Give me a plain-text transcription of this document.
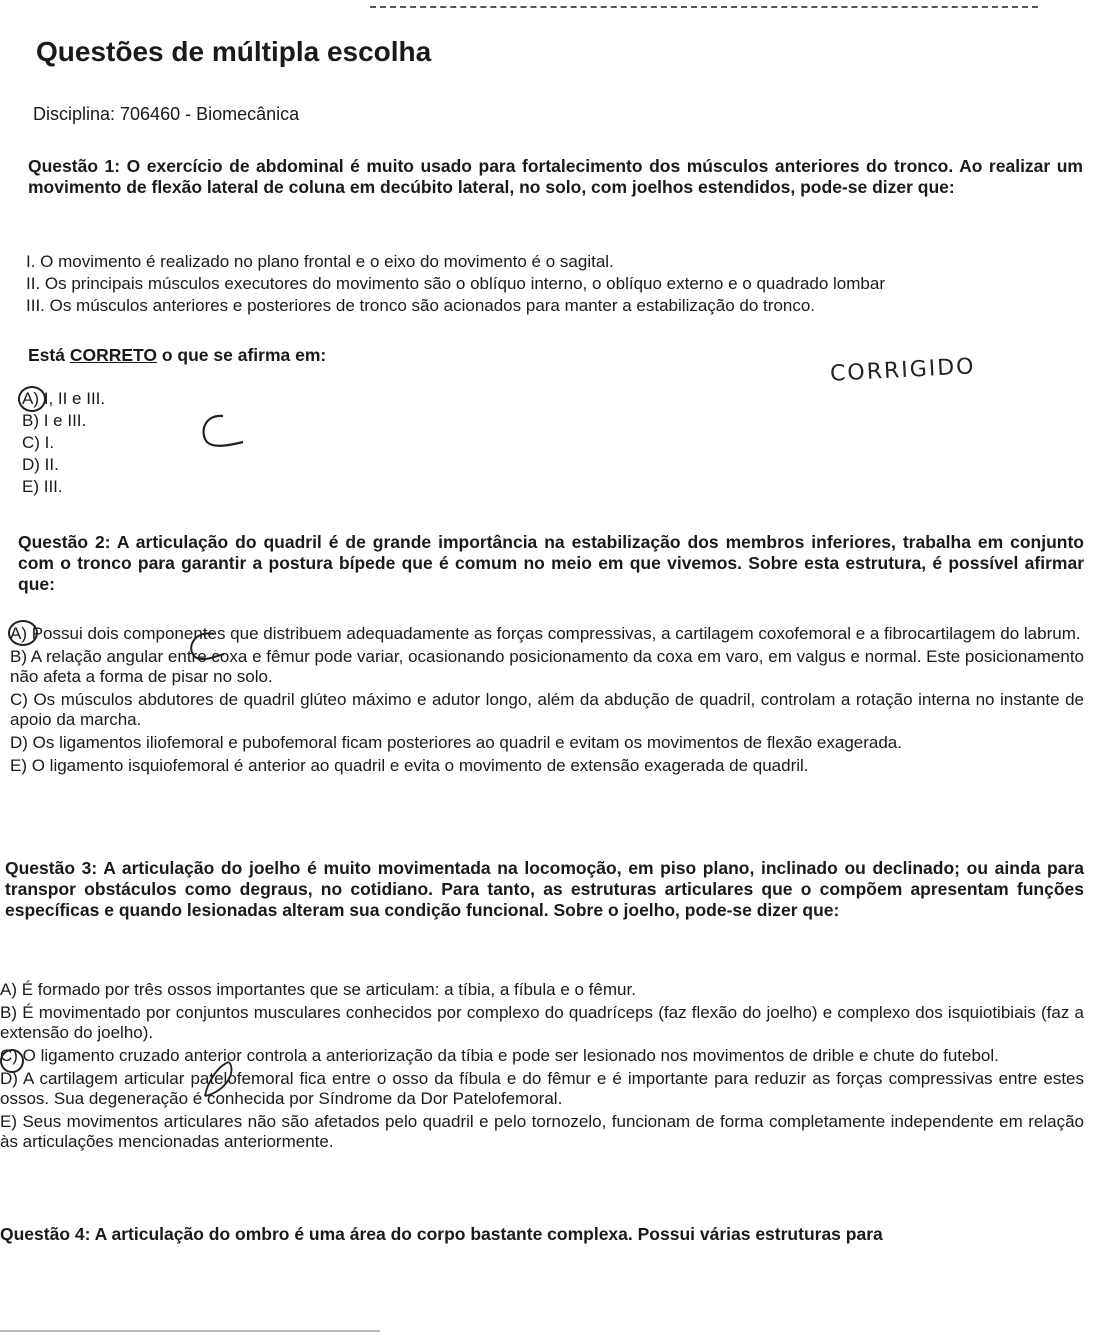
Questões de múltipla escolha
Disciplina: 706460 - Biomecânica

Questão 1: O exercício de abdominal é muito usado para fortalecimento dos músculos anteriores do tronco. Ao realizar um movimento de flexão lateral de coluna em decúbito lateral, no solo, com joelhos estendidos, pode-se dizer que:

I. O movimento é realizado no plano frontal e o eixo do movimento é o sagital.
II. Os principais músculos executores do movimento são o oblíquo interno, o oblíquo externo e o quadrado lombar
III. Os músculos anteriores e posteriores de tronco são acionados para manter a estabilização do tronco.
Está CORRETO o que se afirma em:	CORRIGIDO

A) I, II e III.

B) I e III.

C) I.

D) II.

E) III.

Questão 2: A articulação do quadril é de grande importância na estabilização dos membros inferiores, trabalha em conjunto com o tronco para garantir a postura bípede que é comum no meio em que vivemos. Sobre esta estrutura, é possível afirmar que:

A) Possui dois componentes que distribuem adequadamente as forças compressivas, a cartilagem coxofemoral e a fibrocartilagem do labrum.

B) A relação angular entre coxa e fêmur pode variar, ocasionando posicionamento da coxa em varo, em valgus e normal. Este posicionamento não afeta a forma de pisar no solo.

C) Os músculos abdutores de quadril glúteo máximo e adutor longo, além da abdução de quadril, controlam a rotação interna no instante de apoio da marcha.

D) Os ligamentos iliofemoral e pubofemoral ficam posteriores ao quadril e evitam os movimentos de flexão exagerada.

E) O ligamento isquiofemoral é anterior ao quadril e evita o movimento de extensão exagerada de quadril.

Questão 3: A articulação do joelho é muito movimentada na locomoção, em piso plano, inclinado ou declinado; ou ainda para transpor obstáculos como degraus, no cotidiano. Para tanto, as estruturas articulares que o compõem apresentam funções específicas e quando lesionadas alteram sua condição funcional. Sobre o joelho, pode-se dizer que:

A) É formado por três ossos importantes que se articulam: a tíbia, a fíbula e o fêmur.

B) É movimentado por conjuntos musculares conhecidos por complexo do quadríceps (faz flexão do joelho) e complexo dos isquiotibiais (faz a extensão do joelho).

C) O ligamento cruzado anterior controla a anteriorização da tíbia e pode ser lesionado nos movimentos de drible e chute do futebol.

D) A cartilagem articular patelofemoral fica entre o osso da fíbula e do fêmur e é importante para reduzir as forças compressivas entre estes ossos. Sua degeneração é conhecida por Síndrome da Dor Patelofemoral.

E) Seus movimentos articulares não são afetados pelo quadril e pelo tornozelo, funcionam de forma completamente independente em relação às articulações mencionadas anteriormente.

Questão 4: A articulação do ombro é uma área do corpo bastante complexa. Possui várias estruturas para
